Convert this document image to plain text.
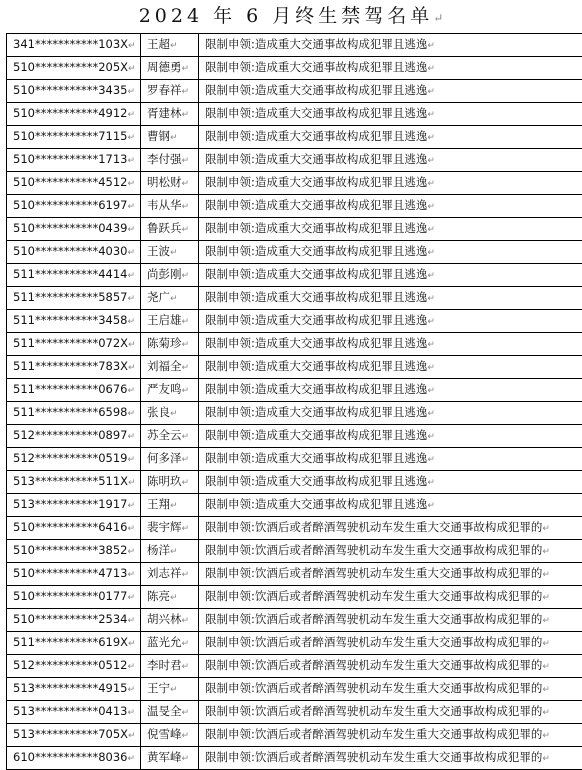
2024 年 6 月终生禁驾名单↵
341***********103X↵	王超↵	限制申领:造成重大交通事故构成犯罪且逃逸↵
510***********205X↵	周德勇↵	限制申领:造成重大交通事故构成犯罪且逃逸↵
510***********3435↵	罗春祥↵	限制申领:造成重大交通事故构成犯罪且逃逸↵
510***********4912↵	胥建林↵	限制申领:造成重大交通事故构成犯罪且逃逸↵
510***********7115↵	曹钢↵	限制申领:造成重大交通事故构成犯罪且逃逸↵
510***********1713↵	李付强↵	限制申领:造成重大交通事故构成犯罪且逃逸↵
510***********4512↵	明松财↵	限制申领:造成重大交通事故构成犯罪且逃逸↵
510***********6197↵	韦从华↵	限制申领:造成重大交通事故构成犯罪且逃逸↵
510***********0439↵	鲁跃兵↵	限制申领:造成重大交通事故构成犯罪且逃逸↵
510***********4030↵	王波↵	限制申领:造成重大交通事故构成犯罪且逃逸↵
511***********4414↵	尚彭刚↵	限制申领:造成重大交通事故构成犯罪且逃逸↵
511***********5857↵	尧广↵	限制申领:造成重大交通事故构成犯罪且逃逸↵
511***********3458↵	王启雄↵	限制申领:造成重大交通事故构成犯罪且逃逸↵
511***********072X↵	陈菊珍↵	限制申领:造成重大交通事故构成犯罪且逃逸↵
511***********783X↵	刘福全↵	限制申领:造成重大交通事故构成犯罪且逃逸↵
511***********0676↵	严友鸣↵	限制申领:造成重大交通事故构成犯罪且逃逸↵
511***********6598↵	张良↵	限制申领:造成重大交通事故构成犯罪且逃逸↵
512***********0897↵	苏全云↵	限制申领:造成重大交通事故构成犯罪且逃逸↵
512***********0519↵	何多泽↵	限制申领:造成重大交通事故构成犯罪且逃逸↵
513***********511X↵	陈明玖↵	限制申领:造成重大交通事故构成犯罪且逃逸↵
513***********1917↵	王翔↵	限制申领:造成重大交通事故构成犯罪且逃逸↵
510***********6416↵	裴宇辉↵	限制申领:饮酒后或者醉酒驾驶机动车发生重大交通事故构成犯罪的↵
510***********3852↵	杨洋↵	限制申领:饮酒后或者醉酒驾驶机动车发生重大交通事故构成犯罪的↵
510***********4713↵	刘志祥↵	限制申领:饮酒后或者醉酒驾驶机动车发生重大交通事故构成犯罪的↵
510***********0177↵	陈亮↵	限制申领:饮酒后或者醉酒驾驶机动车发生重大交通事故构成犯罪的↵
510***********2534↵	胡兴林↵	限制申领:饮酒后或者醉酒驾驶机动车发生重大交通事故构成犯罪的↵
511***********619X↵	蓝光允↵	限制申领:饮酒后或者醉酒驾驶机动车发生重大交通事故构成犯罪的↵
512***********0512↵	李时君↵	限制申领:饮酒后或者醉酒驾驶机动车发生重大交通事故构成犯罪的↵
513***********4915↵	王宁↵	限制申领:饮酒后或者醉酒驾驶机动车发生重大交通事故构成犯罪的↵
513***********0413↵	温旻全↵	限制申领:饮酒后或者醉酒驾驶机动车发生重大交通事故构成犯罪的↵
513***********705X↵	倪雪峰↵	限制申领:饮酒后或者醉酒驾驶机动车发生重大交通事故构成犯罪的↵
610***********8036↵	黄军峰↵	限制申领:饮酒后或者醉酒驾驶机动车发生重大交通事故构成犯罪的↵
